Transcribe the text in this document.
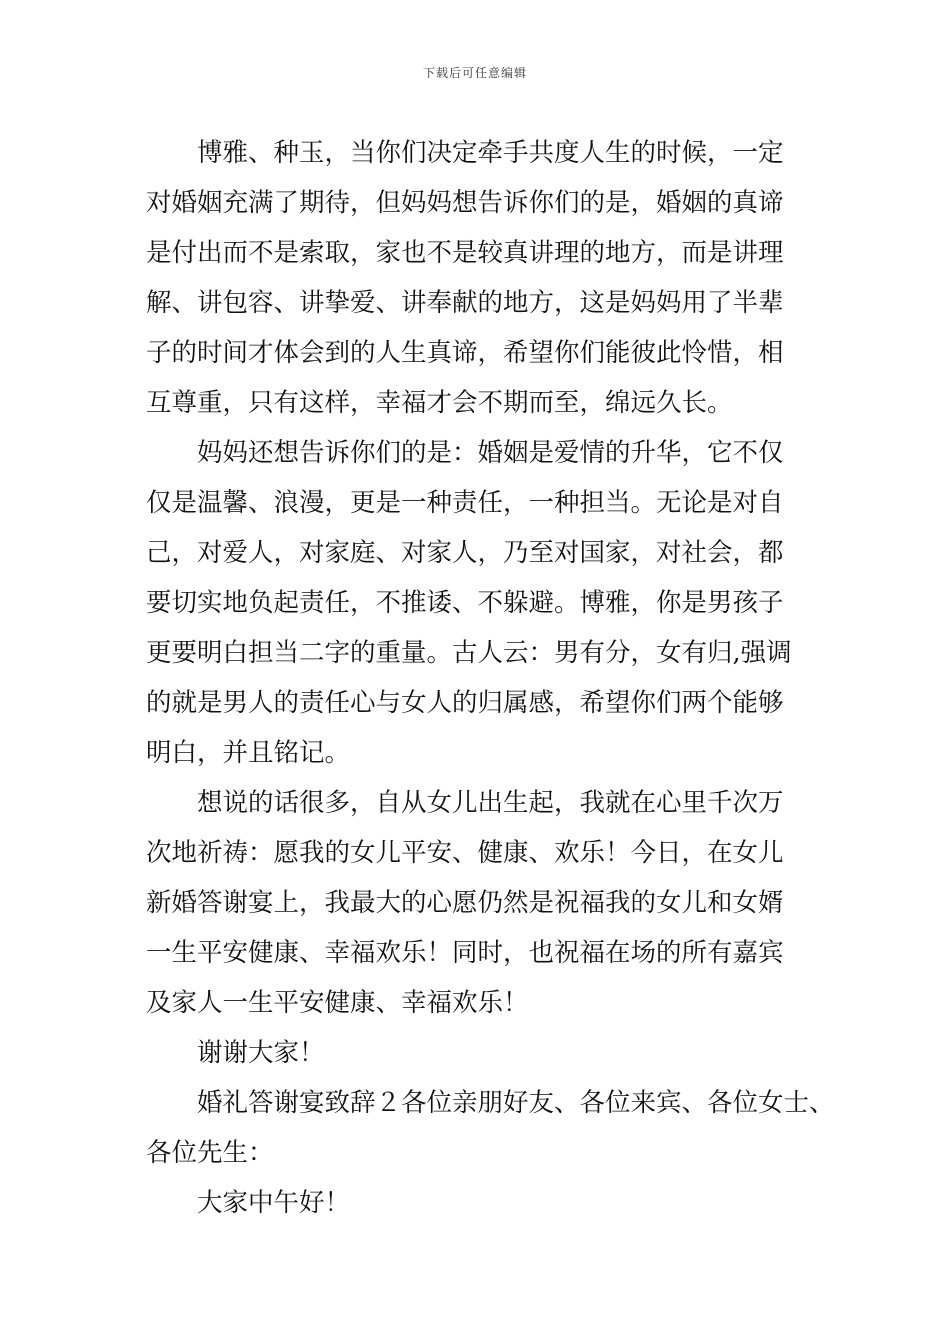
下载后可任意编辑
博雅、种玉，当你们决定牵手共度人生的时候，一定
对婚姻充满了期待，但妈妈想告诉你们的是，婚姻的真谛
是付出而不是索取，家也不是较真讲理的地方，而是讲理
解、讲包容、讲挚爱、讲奉献的地方，这是妈妈用了半辈
子的时间才体会到的人生真谛，希望你们能彼此怜惜，相
互尊重，只有这样，幸福才会不期而至，绵远久长。
妈妈还想告诉你们的是：婚姻是爱情的升华，它不仅
仅是温馨、浪漫，更是一种责任，一种担当。无论是对自
己，对爱人，对家庭、对家人，乃至对国家，对社会，都
要切实地负起责任，不推诿、不躲避。博雅，你是男孩子
更要明白担当二字的重量。古人云：男有分，女有归,强调
的就是男人的责任心与女人的归属感，希望你们两个能够
明白，并且铭记。
想说的话很多，自从女儿出生起，我就在心里千次万
次地祈祷：愿我的女儿平安、健康、欢乐！今日，在女儿
新婚答谢宴上，我最大的心愿仍然是祝福我的女儿和女婿
一生平安健康、幸福欢乐！同时，也祝福在场的所有嘉宾
及家人一生平安健康、幸福欢乐！
谢谢大家！
婚礼答谢宴致辞２各位亲朋好友、各位来宾、各位女士、
各位先生：
大家中午好！
